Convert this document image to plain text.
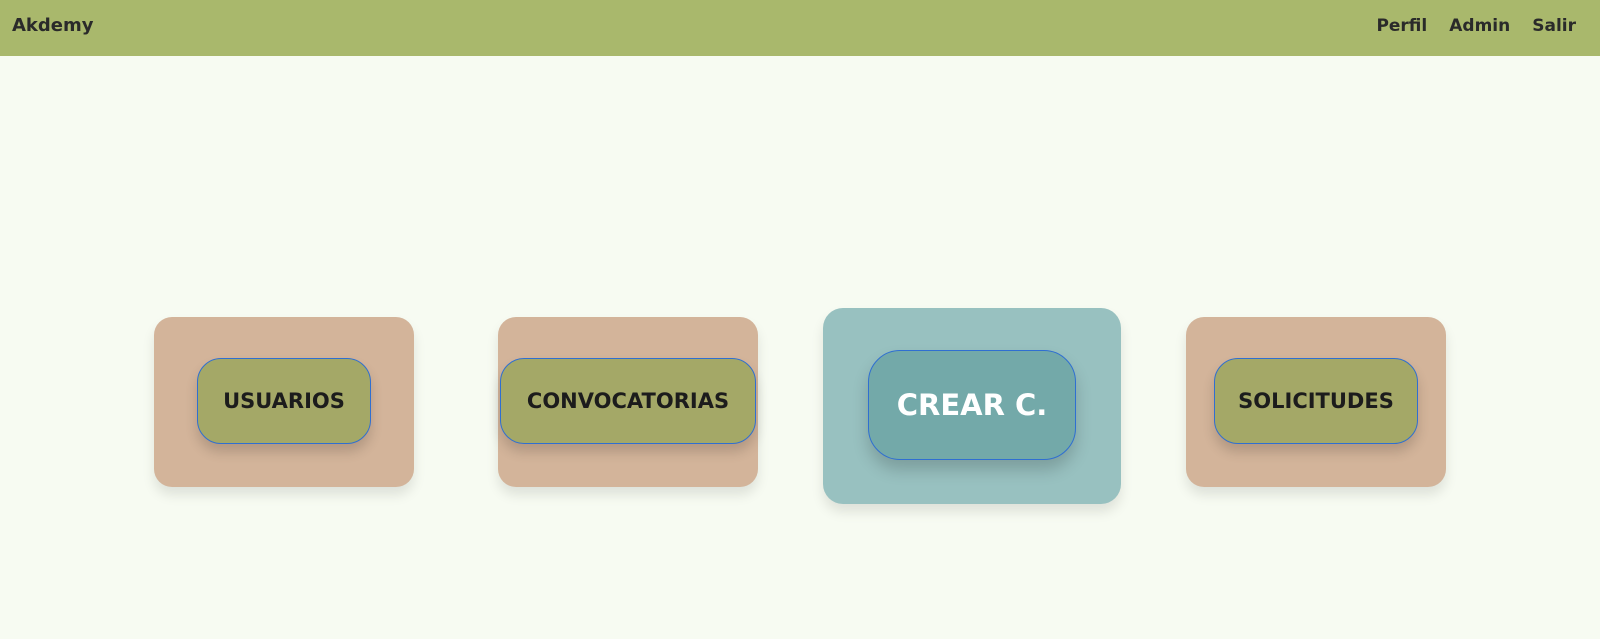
Akdemy	Perfil Admin Salir
USUARIOS	CONVOCATORIAS	CREAR C.	SOLICITUDES
